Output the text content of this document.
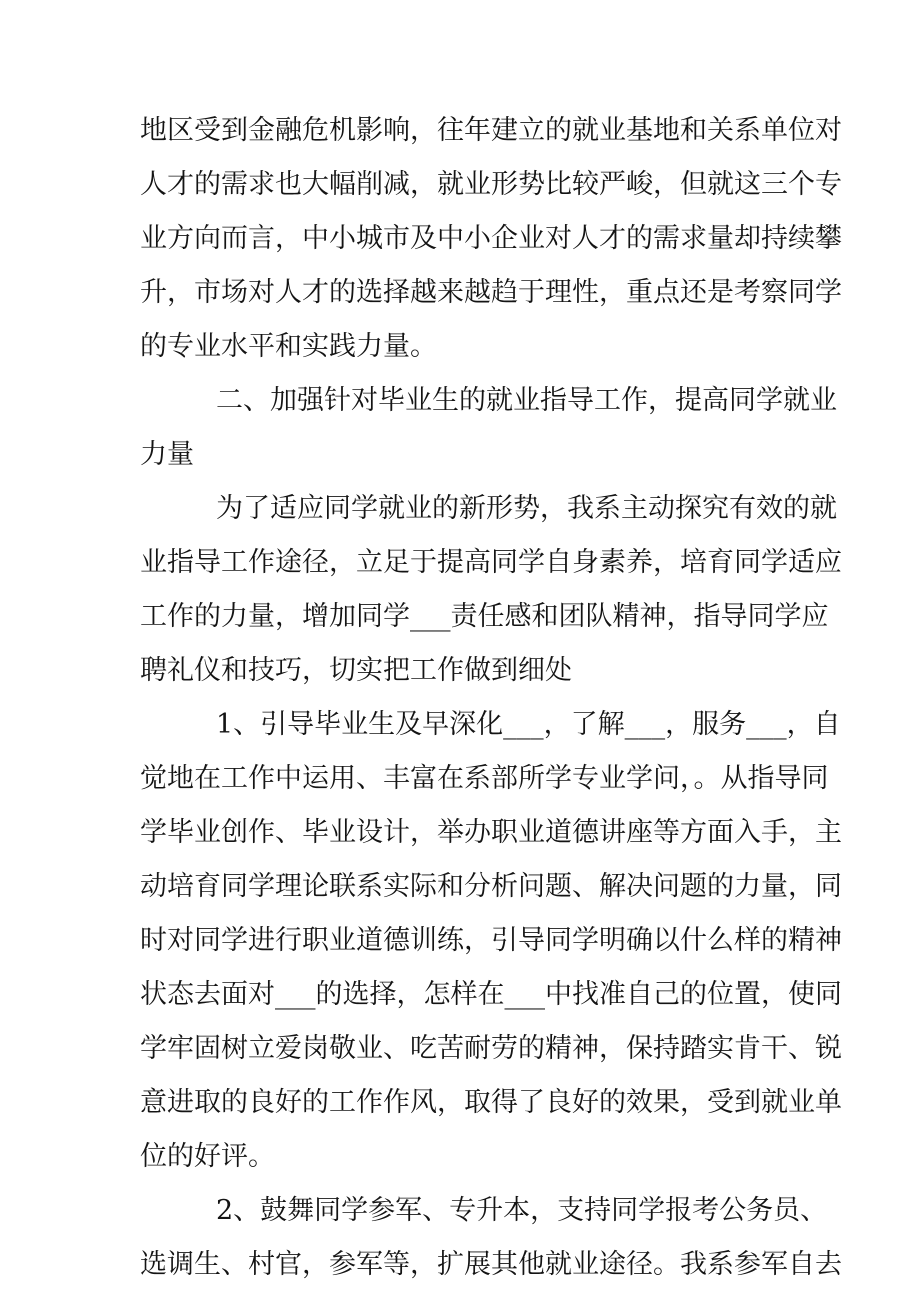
地区受到金融危机影响，往年建立的就业基地和关系单位对
人才的需求也大幅削减，就业形势比较严峻，但就这三个专
业方向而言，中小城市及中小企业对人才的需求量却持续攀
升，市场对人才的选择越来越趋于理性，重点还是考察同学
的专业水平和实践力量。
二、加强针对毕业生的就业指导工作，提高同学就业
力量
为了适应同学就业的新形势，我系主动探究有效的就
业指导工作途径，立足于提高同学自身素养，培育同学适应
工作的力量，增加同学___责任感和团队精神，指导同学应
聘礼仪和技巧，切实把工作做到细处
1、引导毕业生及早深化___，了解___，服务___，自
觉地在工作中运用、丰富在系部所学专业学问，。从指导同
学毕业创作、毕业设计，举办职业道德讲座等方面入手，主
动培育同学理论联系实际和分析问题、解决问题的力量，同
时对同学进行职业道德训练，引导同学明确以什么样的精神
状态去面对___的选择，怎样在___中找准自己的位置，使同
学牢固树立爱岗敬业、吃苦耐劳的精神，保持踏实肯干、锐
意进取的良好的工作作风，取得了良好的效果，受到就业单
位的好评。
2、鼓舞同学参军、专升本，支持同学报考公务员、
选调生、村官，参军等，扩展其他就业途径。我系参军自去
